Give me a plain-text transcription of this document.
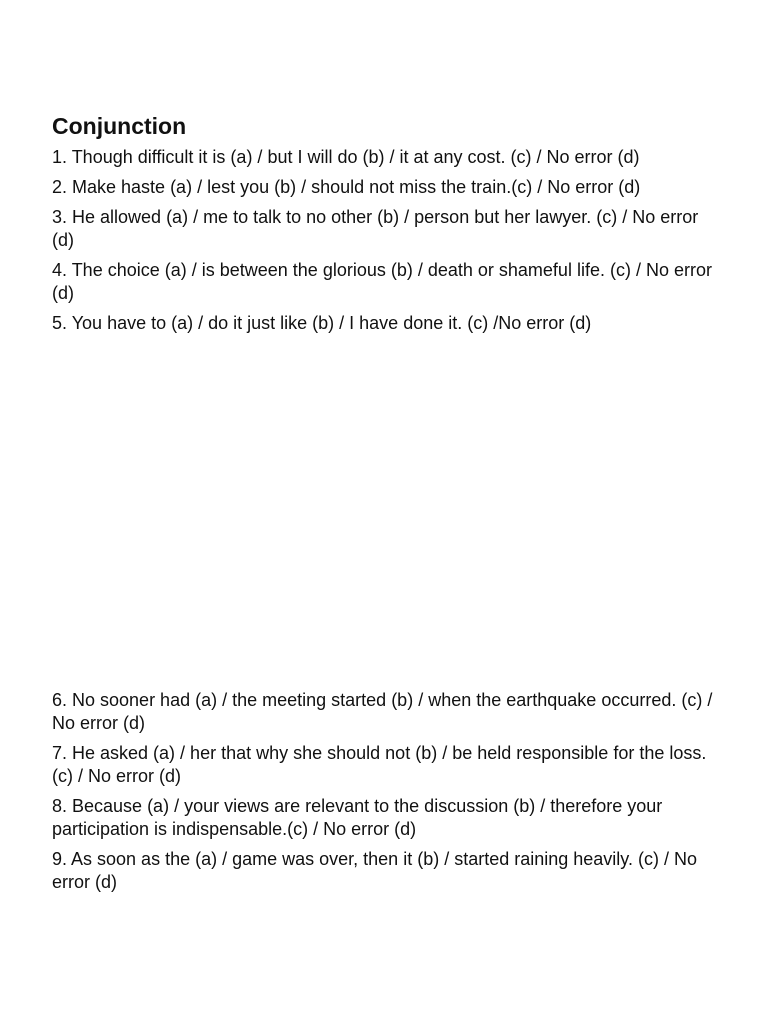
Conjunction

1. Though difficult it is (a) / but I will do (b) / it at any cost. (c) / No error (d)

2. Make haste (a) / lest you (b) / should not miss the train.(c) / No error (d)

3. He allowed (a) / me to talk to no other (b) / person but her lawyer. (c) / No error (d)

4. The choice (a) / is between the glorious (b) / death or shameful life. (c) / No error (d)

5. You have to (a) / do it just like (b) / I have done it. (c) /No error (d)

6. No sooner had (a) / the meeting started (b) / when the earthquake occurred. (c) / No error (d)

7. He asked (a) / her that why she should not (b) / be held responsible for the loss. (c) / No error (d)

8. Because (a) / your views are relevant to the discussion (b) / therefore your participation is indispensable.(c) / No error (d)

9. As soon as the (a) / game was over, then it (b) / started raining heavily. (c) / No error (d)
